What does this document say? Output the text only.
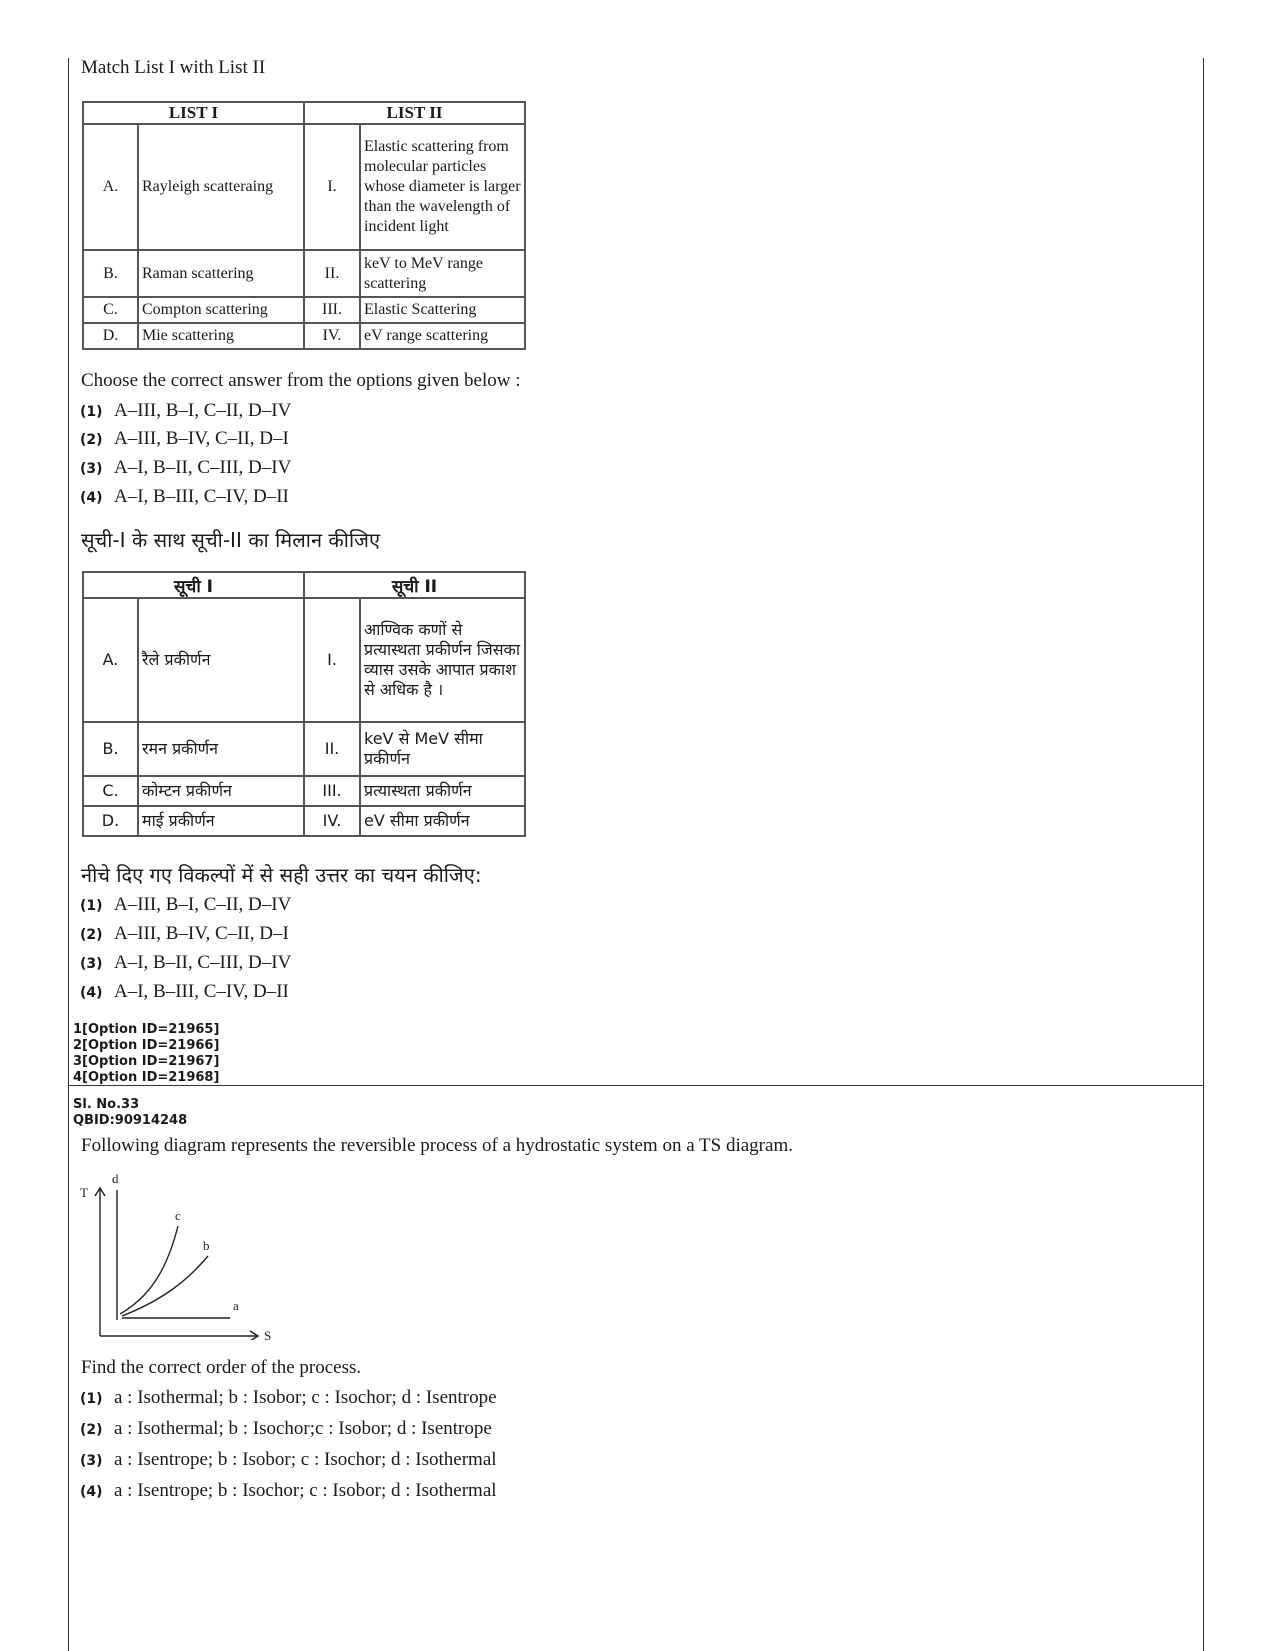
Match List I with List II
LIST I		LIST II	
A.	Rayleigh scatteraing	I.	Elastic scattering from molecular particles whose diameter is larger than the wavelength of incident light
B.	Raman scattering	II.	keV to MeV range scattering
C.	Compton scattering	III.	Elastic Scattering
D.	Mie scattering	IV.	eV range scattering
Choose the correct answer from the options given below :
(1) A–III, B–I, C–II, D–IV
(2) A–III, B–IV, C–II, D–I
(3) A–I, B–II, C–III, D–IV
(4) A–I, B–III, C–IV, D–II
सूची-I के साथ सूची-II का मिलान कीजिए
सूची I		सूची II	
A.	रैले प्रकीर्णन	I.	आण्विक कणों से प्रत्यास्थता प्रकीर्णन जिसका व्यास उसके आपात प्रकाश से अधिक है ।
B.	रमन प्रकीर्णन	II.	keV से MeV सीमा प्रकीर्णन
C.	कोम्टन प्रकीर्णन	III.	प्रत्यास्थता प्रकीर्णन
D.	माई प्रकीर्णन	IV.	eV सीमा प्रकीर्णन
नीचे दिए गए विकल्पों में से सही उत्तर का चयन कीजिए:
(1) A–III, B–I, C–II, D–IV
(2) A–III, B–IV, C–II, D–I
(3) A–I, B–II, C–III, D–IV
(4) A–I, B–III, C–IV, D–II
1[Option ID=21965]
2[Option ID=21966]
3[Option ID=21967]
4[Option ID=21968]
Sl. No.33
QBID:90914248
Following diagram represents the reversible process of a hydrostatic system on a TS diagram.
T
d
c
b
a
S
Find the correct order of the process.
(1) a : Isothermal; b : Isobor; c : Isochor; d : Isentrope
(2) a : Isothermal; b : Isochor;c : Isobor; d : Isentrope
(3) a : Isentrope; b : Isobor; c : Isochor; d : Isothermal
(4) a : Isentrope; b : Isochor; c : Isobor; d : Isothermal
